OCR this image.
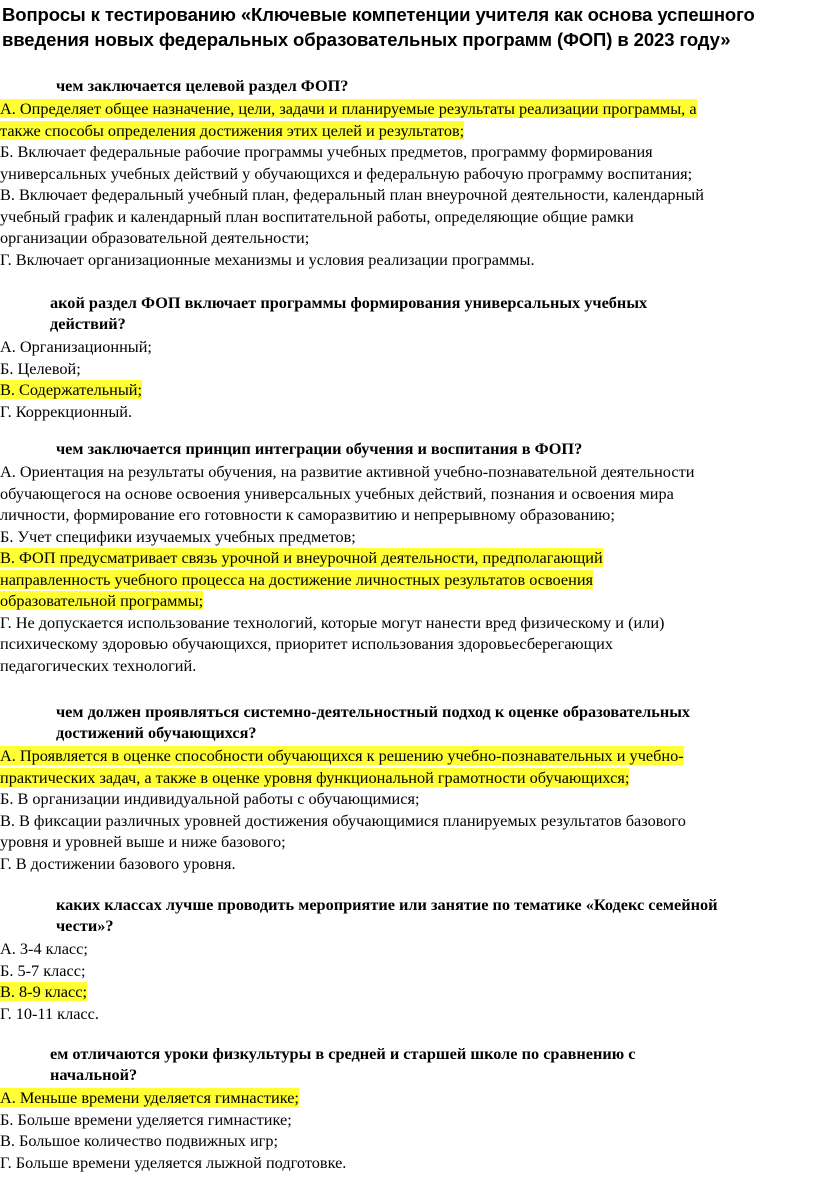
Вопросы к тестированию «Ключевые компетенции учителя как основа успешного
введения новых федеральных образовательных программ (ФОП) в 2023 году»
чем заключается целевой раздел ФОП?
А. Определяет общее назначение, цели, задачи и планируемые результаты реализации программы, а
также способы определения достижения этих целей и результатов;
Б. Включает федеральные рабочие программы учебных предметов, программу формирования
универсальных учебных действий у обучающихся и федеральную рабочую программу воспитания;
В. Включает федеральный учебный план, федеральный план внеурочной деятельности, календарный
учебный график и календарный план воспитательной работы, определяющие общие рамки
организации образовательной деятельности;
Г. Включает организационные механизмы и условия реализации программы.
акой раздел ФОП включает программы формирования универсальных учебных
действий?
А. Организационный;
Б. Целевой;
В. Содержательный;
Г. Коррекционный.
чем заключается принцип интеграции обучения и воспитания в ФОП?
А. Ориентация на результаты обучения, на развитие активной учебно-познавательной деятельности
обучающегося на основе освоения универсальных учебных действий, познания и освоения мира
личности, формирование его готовности к саморазвитию и непрерывному образованию;
Б. Учет специфики изучаемых учебных предметов;
В. ФОП предусматривает связь урочной и внеурочной деятельности, предполагающий
направленность учебного процесса на достижение личностных результатов освоения
образовательной программы;
Г. Не допускается использование технологий, которые могут нанести вред физическому и (или)
психическому здоровью обучающихся, приоритет использования здоровьесберегающих
педагогических технологий.
чем должен проявляться системно-деятельностный подход к оценке образовательных
достижений обучающихся?
А. Проявляется в оценке способности обучающихся к решению учебно-познавательных и учебно-
практических задач, а также в оценке уровня функциональной грамотности обучающихся;
Б. В организации индивидуальной работы с обучающимися;
В. В фиксации различных уровней достижения обучающимися планируемых результатов базового
уровня и уровней выше и ниже базового;
Г. В достижении базового уровня.
каких классах лучше проводить мероприятие или занятие по тематике «Кодекс семейной
чести»?
А. 3-4 класс;
Б. 5-7 класс;
В. 8-9 класс;
Г. 10-11 класс.
ем отличаются уроки физкультуры в средней и старшей школе по сравнению с
начальной?
А. Меньше времени уделяется гимнастике;
Б. Больше времени уделяется гимнастике;
В. Большое количество подвижных игр;
Г. Больше времени уделяется лыжной подготовке.
